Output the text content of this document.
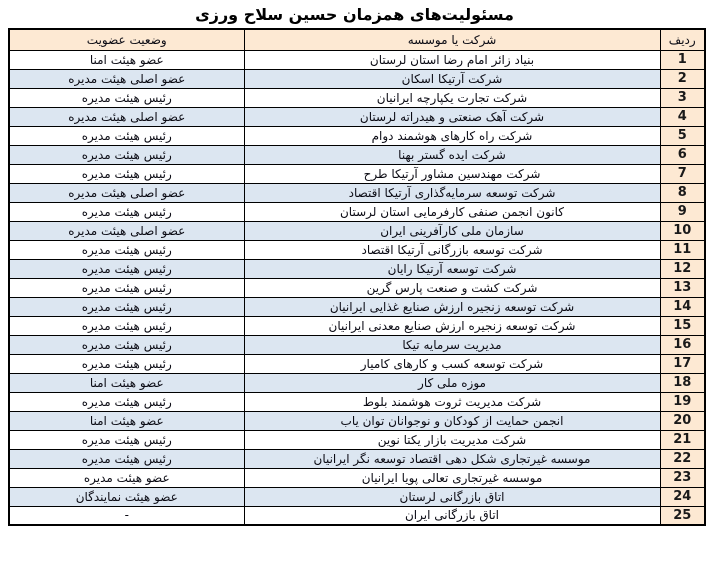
مسئولیت‌های همزمان حسین سلاح ورزی
ردیف	شرکت یا موسسه	وضعیت عضویت
1	بنیاد زائر امام رضا استان لرستان	عضو هیئت امنا
2	شرکت آرتیکا اسکان	عضو اصلی هیئت مدیره
3	شرکت تجارت یکپارچه ایرانیان	رئیس هیئت مدیره
4	شرکت آهک صنعتی و هیدراته لرستان	عضو اصلی هیئت مدیره
5	شرکت راه کارهای هوشمند دوام	رئیس هیئت مدیره
6	شرکت ایده گستر بهنا	رئیس هیئت مدیره
7	شرکت مهندسین مشاور آرتیکا طرح	رئیس هیئت مدیره
8	شرکت توسعه سرمایه‌گذاری آرتیکا اقتصاد	عضو اصلی هیئت مدیره
9	کانون انجمن صنفی کارفرمایی استان لرستان	رئیس هیئت مدیره
10	سازمان ملی کارآفرینی ایران	عضو اصلی هیئت مدیره
11	شرکت توسعه بازرگانی آرتیکا اقتصاد	رئیس هیئت مدیره
12	شرکت توسعه آرتیکا رایان	رئیس هیئت مدیره
13	شرکت کشت و صنعت پارس گرین	رئیس هیئت مدیره
14	شرکت توسعه زنجیره ارزش صنایع غذایی ایرانیان	رئیس هیئت مدیره
15	شرکت توسعه زنجیره ارزش صنایع معدنی ایرانیان	رئیس هیئت مدیره
16	مدیریت سرمایه تیکا	رئیس هیئت مدیره
17	شرکت توسعه کسب و کارهای کامیار	رئیس هیئت مدیره
18	موزه ملی کار	عضو هیئت امنا
19	شرکت مدیریت ثروت هوشمند بلوط	رئیس هیئت مدیره
20	انجمن حمایت از کودکان و نوجوانان توان یاب	عضو هیئت امنا
21	شرکت مدیریت بازار یکتا نوین	رئیس هیئت مدیره
22	موسسه غیرتجاری شکل دهی اقتصاد توسعه نگر ایرانیان	رئیس هیئت مدیره
23	موسسه غیرتجاری تعالی پویا ایرانیان	عضو هیئت مدیره
24	اتاق بازرگانی لرستان	عضو هیئت نمایندگان
25	اتاق بازرگانی ایران	-
